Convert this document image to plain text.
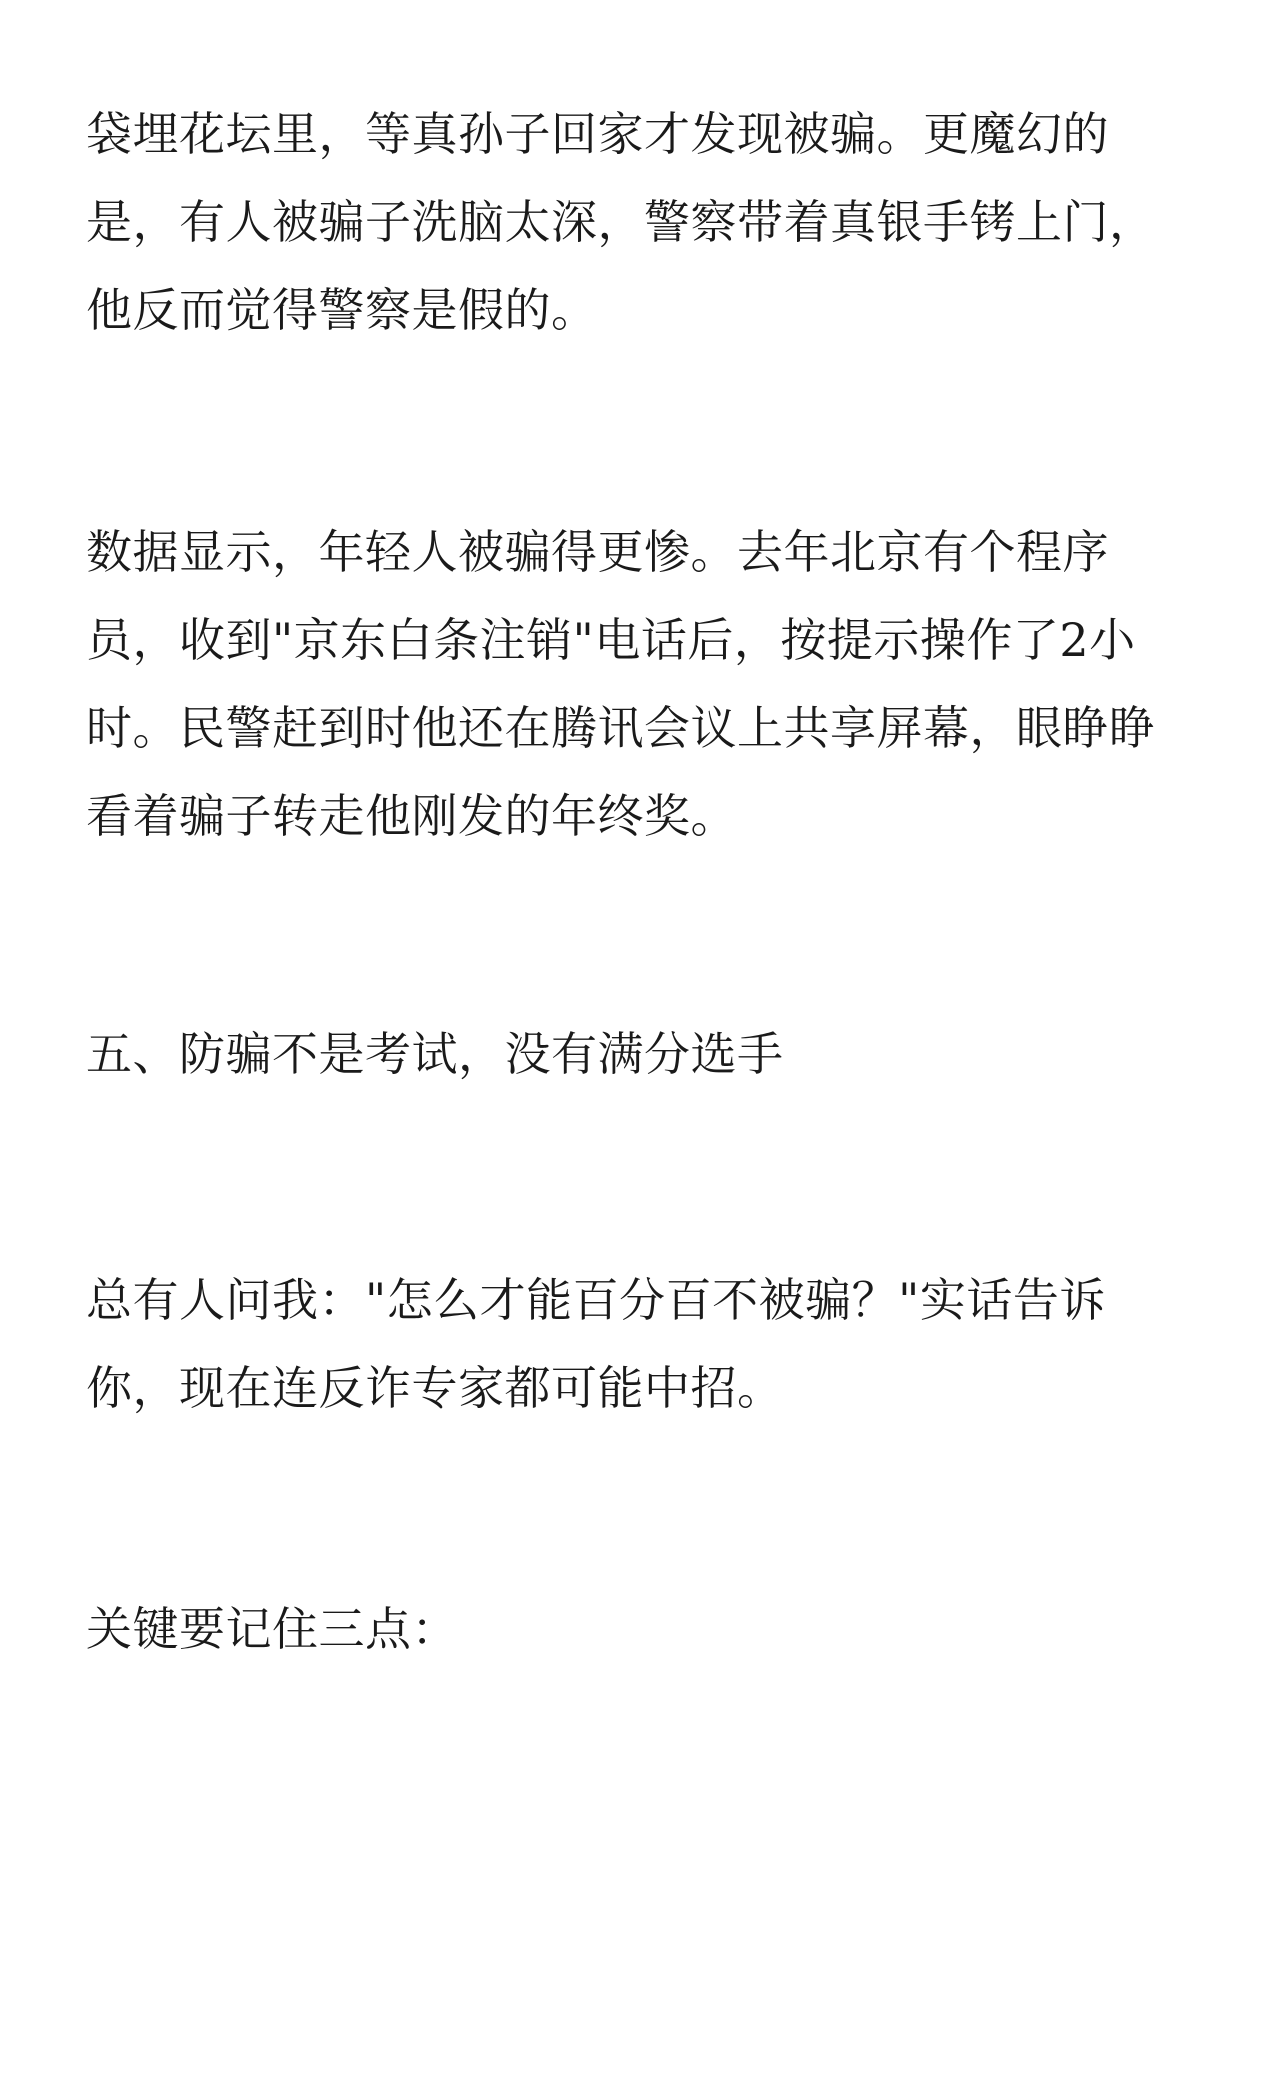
袋埋花坛里，等真孙子回家才发现被骗。更魔幻的是，有人被骗子洗脑太深，警察带着真银手铐上门，他反而觉得警察是假的。

数据显示，年轻人被骗得更惨。去年北京有个程序员，收到"京东白条注销"电话后，按提示操作了2小时。民警赶到时他还在腾讯会议上共享屏幕，眼睁睁看着骗子转走他刚发的年终奖。

五、防骗不是考试，没有满分选手

总有人问我："怎么才能百分百不被骗？"实话告诉你，现在连反诈专家都可能中招。

关键要记住三点：
